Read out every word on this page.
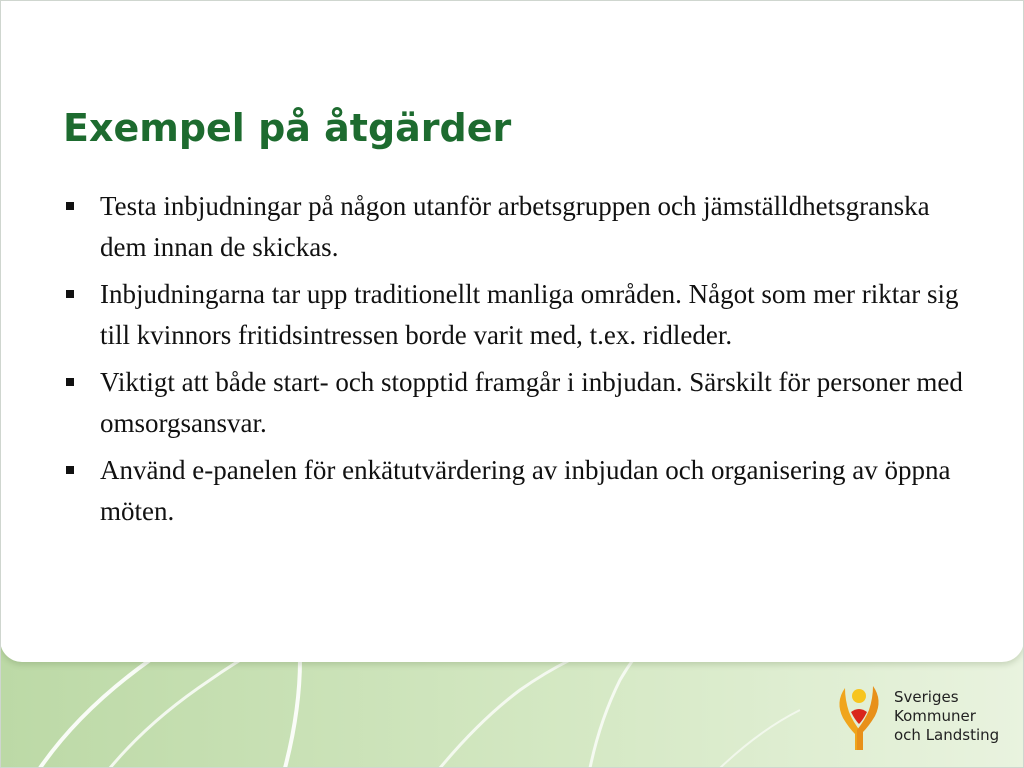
Exempel på åtgärder
Testa inbjudningar på någon utanför arbetsgruppen och jämställdhetsgranska dem innan de skickas.
Inbjudningarna tar upp traditionellt manliga områden. Något som mer riktar sig till kvinnors fritidsintressen borde varit med, t.ex. ridleder.
Viktigt att både start- och stopptid framgår i inbjudan. Särskilt för personer med omsorgsansvar.
Använd e-panelen för enkätutvärdering av inbjudan och organisering av öppna möten.
Sveriges
Kommuner
och Landsting
